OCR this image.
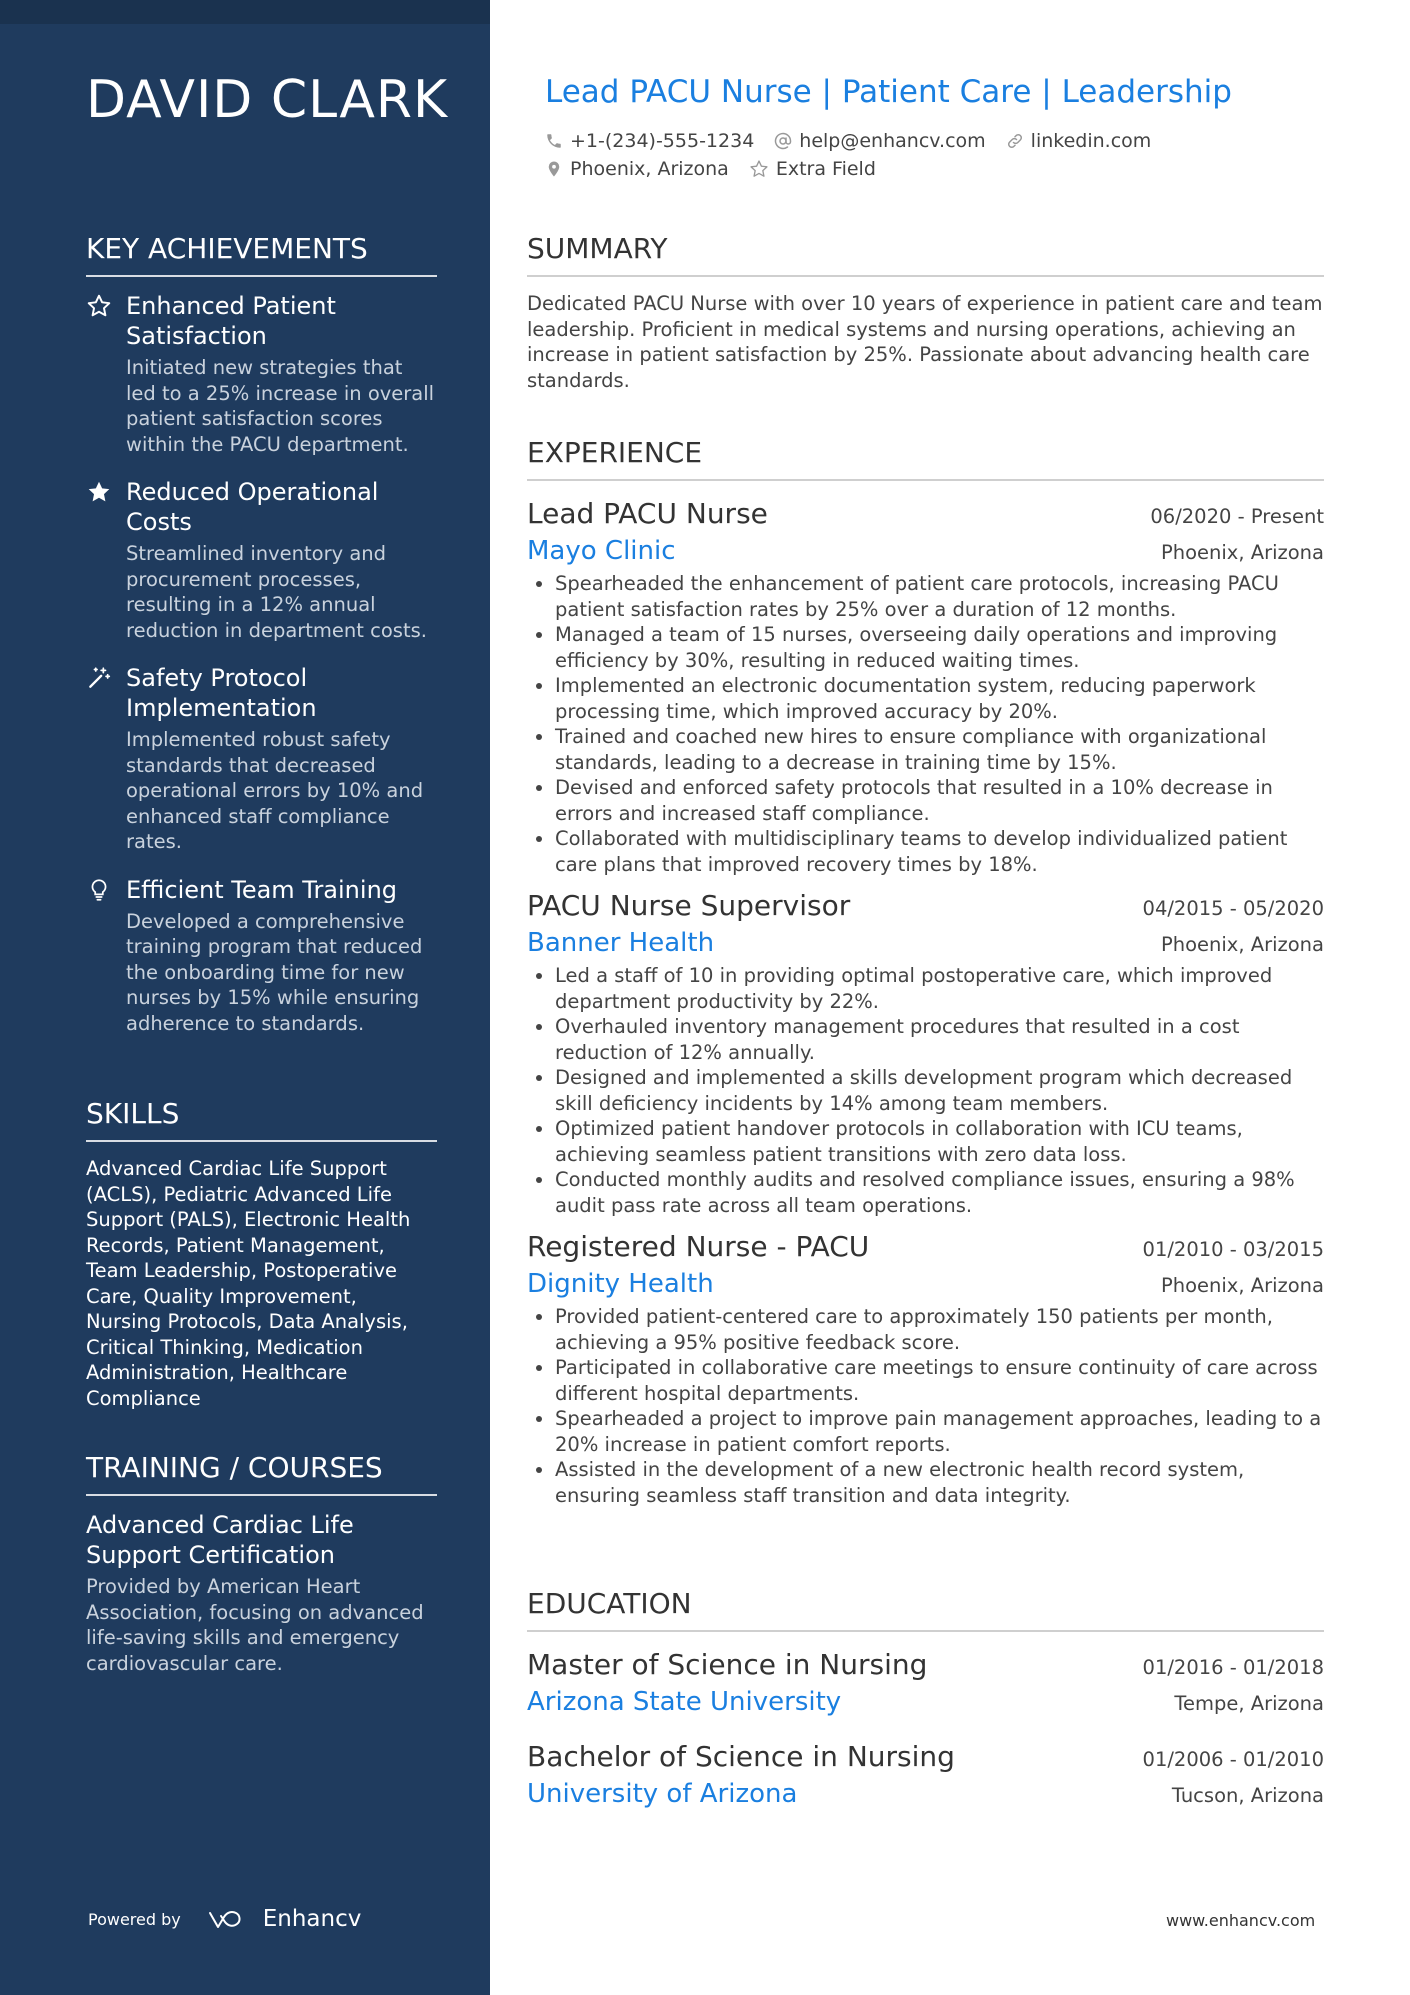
DAVID CLARK
KEY ACHIEVEMENTS
Enhanced Patient Satisfaction
Initiated new strategies that led to a 25% increase in overall patient satisfaction scores within the PACU department.
Reduced Operational Costs
Streamlined inventory and procurement processes, resulting in a 12% annual reduction in department costs.
Safety Protocol Implementation
Implemented robust safety standards that decreased operational errors by 10% and enhanced staff compliance rates.
Efficient Team Training
Developed a comprehensive training program that reduced the onboarding time for new nurses by 15% while ensuring adherence to standards.
SKILLS
Advanced Cardiac Life Support (ACLS), Pediatric Advanced Life Support (PALS), Electronic Health Records, Patient Management, Team Leadership, Postoperative Care, Quality Improvement, Nursing Protocols, Data Analysis, Critical Thinking, Medication Administration, Healthcare Compliance
TRAINING / COURSES
Advanced Cardiac Life Support Certification
Provided by American Heart Association, focusing on advanced life-saving skills and emergency cardiovascular care.
Powered by	Enhancv
Lead PACU Nurse | Patient Care | Leadership
+1-(234)-555-1234 help@enhancv.com linkedin.com
Phoenix, Arizona Extra Field
SUMMARY
Dedicated PACU Nurse with over 10 years of experience in patient care and team leadership. Proficient in medical systems and nursing operations, achieving an increase in patient satisfaction by 25%. Passionate about advancing health care standards.
EXPERIENCE
Lead PACU Nurse	06/2020 - Present
Mayo Clinic	Phoenix, Arizona
• Spearheaded the enhancement of patient care protocols, increasing PACU patient satisfaction rates by 25% over a duration of 12 months.
• Managed a team of 15 nurses, overseeing daily operations and improving efficiency by 30%, resulting in reduced waiting times.
• Implemented an electronic documentation system, reducing paperwork processing time, which improved accuracy by 20%.
• Trained and coached new hires to ensure compliance with organizational standards, leading to a decrease in training time by 15%.
• Devised and enforced safety protocols that resulted in a 10% decrease in errors and increased staff compliance.
• Collaborated with multidisciplinary teams to develop individualized patient care plans that improved recovery times by 18%.
PACU Nurse Supervisor	04/2015 - 05/2020
Banner Health	Phoenix, Arizona
• Led a staff of 10 in providing optimal postoperative care, which improved department productivity by 22%.
• Overhauled inventory management procedures that resulted in a cost reduction of 12% annually.
• Designed and implemented a skills development program which decreased skill deficiency incidents by 14% among team members.
• Optimized patient handover protocols in collaboration with ICU teams, achieving seamless patient transitions with zero data loss.
• Conducted monthly audits and resolved compliance issues, ensuring a 98% audit pass rate across all team operations.
Registered Nurse - PACU	01/2010 - 03/2015
Dignity Health	Phoenix, Arizona
• Provided patient-centered care to approximately 150 patients per month, achieving a 95% positive feedback score.
• Participated in collaborative care meetings to ensure continuity of care across different hospital departments.
• Spearheaded a project to improve pain management approaches, leading to a 20% increase in patient comfort reports.
• Assisted in the development of a new electronic health record system, ensuring seamless staff transition and data integrity.
EDUCATION
Master of Science in Nursing	01/2016 - 01/2018
Arizona State University	Tempe, Arizona
Bachelor of Science in Nursing	01/2006 - 01/2010
University of Arizona	Tucson, Arizona
www.enhancv.com
